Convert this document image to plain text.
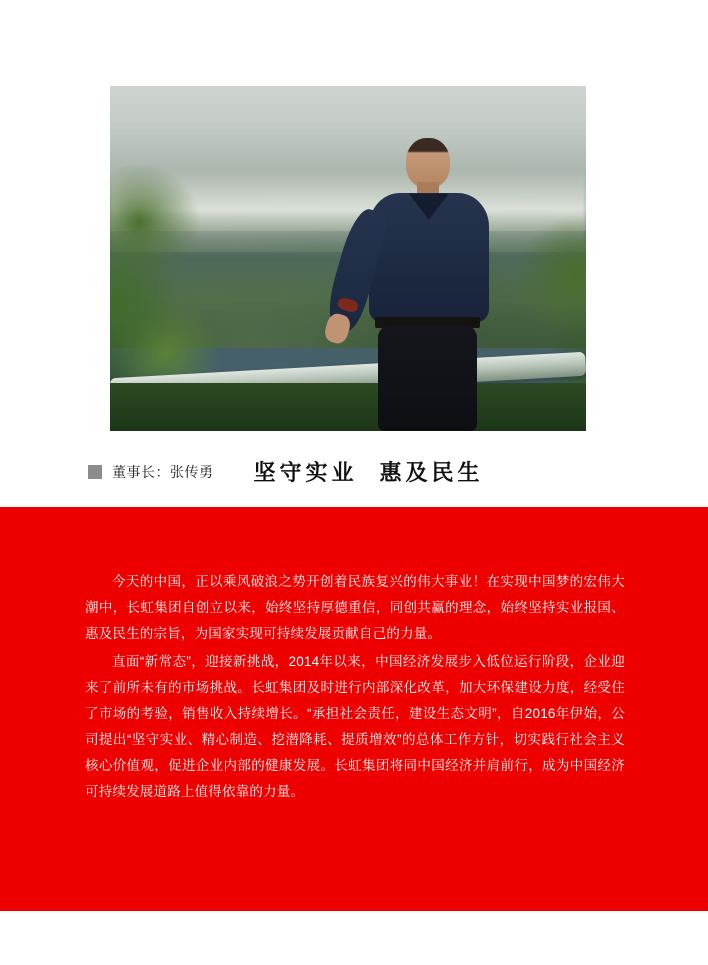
董事长：张传勇 坚守实业 惠及民生

今天的中国，正以乘风破浪之势开创着民族复兴的伟大事业！在实现中国梦的宏伟大潮中，长虹集团自创立以来，始终坚持厚德重信，同创共赢的理念，始终坚持实业报国、惠及民生的宗旨，为国家实现可持续发展贡献自己的力量。

直面“新常态”，迎接新挑战，2014年以来，中国经济发展步入低位运行阶段，企业迎来了前所未有的市场挑战。长虹集团及时进行内部深化改革，加大环保建设力度，经受住了市场的考验，销售收入持续增长。“承担社会责任，建设生态文明”，自2016年伊始，公司提出“坚守实业、精心制造、挖潜降耗、提质增效”的总体工作方针，切实践行社会主义核心价值观，促进企业内部的健康发展。长虹集团将同中国经济并肩前行，成为中国经济可持续发展道路上值得依靠的力量。
